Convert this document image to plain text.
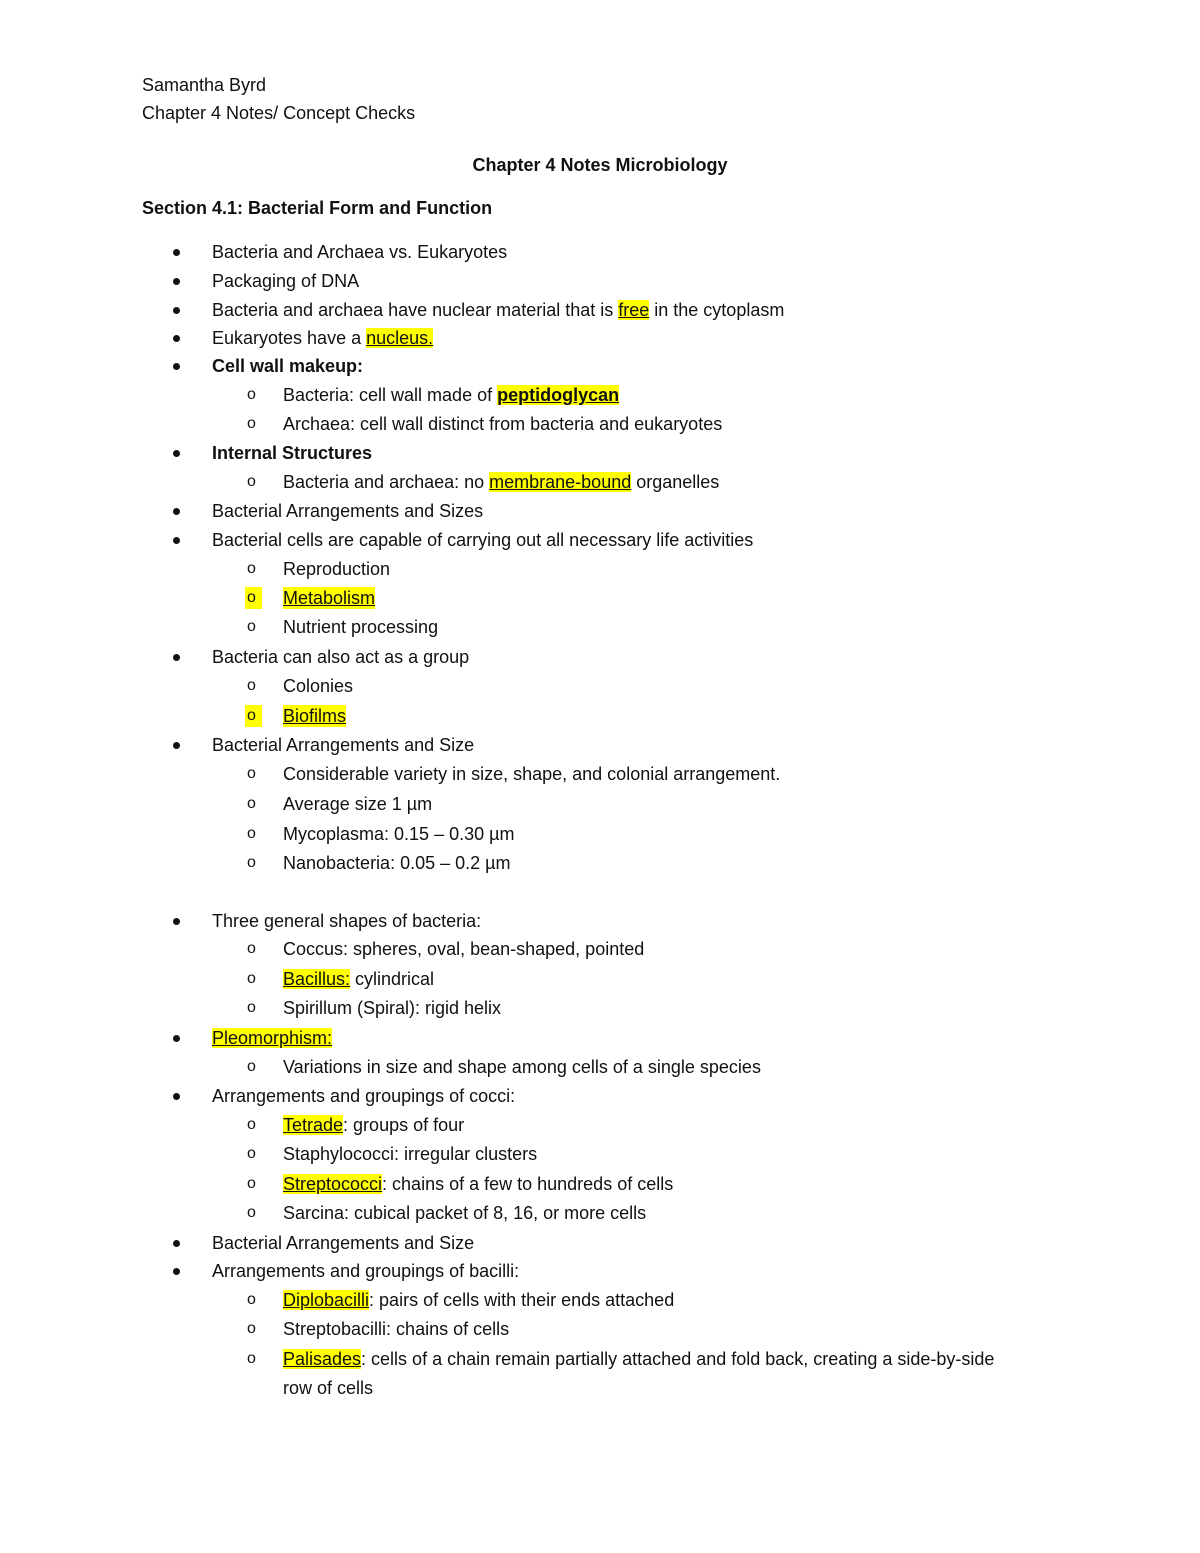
Samantha Byrd
Chapter 4 Notes/ Concept Checks
Chapter 4 Notes Microbiology
Section 4.1: Bacterial Form and Function
Bacteria and Archaea vs. Eukaryotes
Packaging of DNA
Bacteria and archaea have nuclear material that is free in the cytoplasm
Eukaryotes have a nucleus.
Cell wall makeup:
o Bacteria: cell wall made of peptidoglycan
o Archaea: cell wall distinct from bacteria and eukaryotes
Internal Structures
o Bacteria and archaea: no membrane-bound organelles
Bacterial Arrangements and Sizes
Bacterial cells are capable of carrying out all necessary life activities
o Reproduction
o	Metabolism
o Nutrient processing
Bacteria can also act as a group
o Colonies
o	Biofilms
Bacterial Arrangements and Size
o Considerable variety in size, shape, and colonial arrangement.
o Average size 1 µm
o Mycoplasma: 0.15 – 0.30 µm
o Nanobacteria: 0.05 – 0.2 µm
Three general shapes of bacteria:
o Coccus: spheres, oval, bean-shaped, pointed
o Bacillus: cylindrical
o Spirillum (Spiral): rigid helix
Pleomorphism:
o Variations in size and shape among cells of a single species
Arrangements and groupings of cocci:
o Tetrade: groups of four
o Staphylococci: irregular clusters
o Streptococci: chains of a few to hundreds of cells
o Sarcina: cubical packet of 8, 16, or more cells
Bacterial Arrangements and Size
Arrangements and groupings of bacilli:
o Diplobacilli: pairs of cells with their ends attached
o Streptobacilli: chains of cells
o Palisades: cells of a chain remain partially attached and fold back, creating a side-by-side
row of cells
